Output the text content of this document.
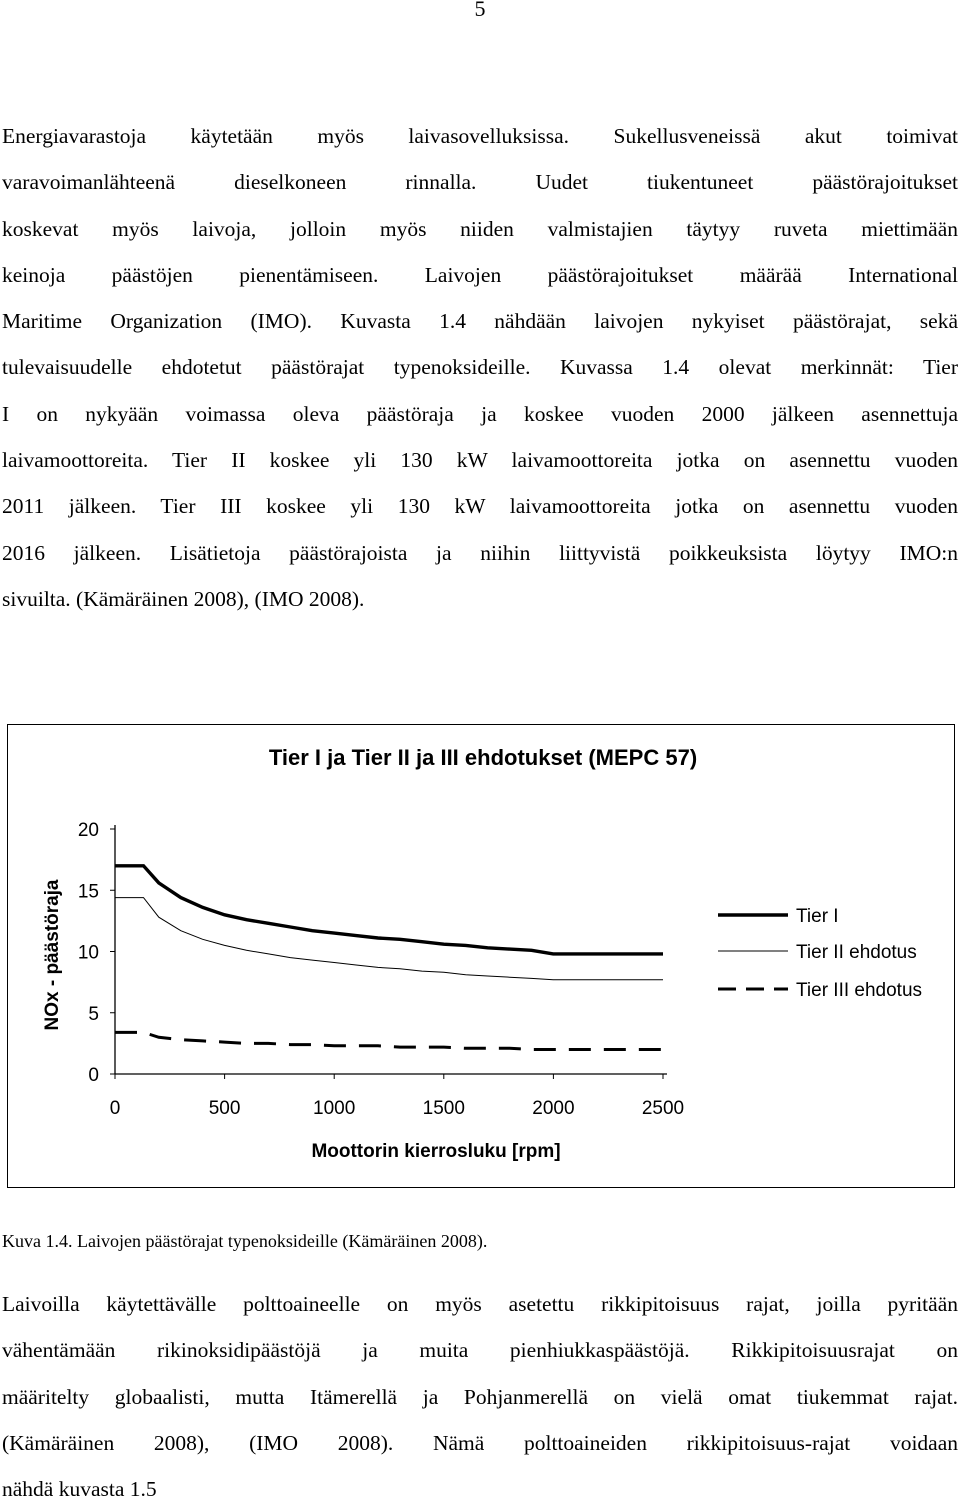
5
Energiavarastoja käytetään myös laivasovelluksissa. Sukellusveneissä akut toimivat
varavoimanlähteenä dieselkoneen rinnalla. Uudet tiukentuneet päästörajoitukset
koskevat myös laivoja, jolloin myös niiden valmistajien täytyy ruveta miettimään
keinoja päästöjen pienentämiseen. Laivojen päästörajoitukset määrää International
Maritime Organization (IMO). Kuvasta 1.4 nähdään laivojen nykyiset päästörajat, sekä
tulevaisuudelle ehdotetut päästörajat typenoksideille. Kuvassa 1.4 olevat merkinnät: Tier
I on nykyään voimassa oleva päästöraja ja koskee vuoden 2000 jälkeen asennettuja
laivamoottoreita. Tier II koskee yli 130 kW laivamoottoreita jotka on asennettu vuoden
2011 jälkeen. Tier III koskee yli 130 kW laivamoottoreita jotka on asennettu vuoden
2016 jälkeen. Lisätietoja päästörajoista ja niihin liittyvistä poikkeuksista löytyy IMO:n
sivuilta. (Kämäräinen 2008), (IMO 2008).
Tier I ja Tier II ja III ehdotukset (MEPC 57)
0	500	1000	1500	2000	2500
0
5
10
15
20
Tier I
Tier II ehdotus
Tier III ehdotus
Moottorin kierrosluku [rpm]
NOx - päästöraja
Kuva 1.4. Laivojen päästörajat typenoksideille (Kämäräinen 2008).
Laivoilla käytettävälle polttoaineelle on myös asetettu rikkipitoisuus rajat, joilla pyritään
vähentämään rikinoksidipäästöjä ja muita pienhiukkaspäästöjä. Rikkipitoisuusrajat on
määritelty globaalisti, mutta Itämerellä ja Pohjanmerellä on vielä omat tiukemmat rajat.
(Kämäräinen 2008), (IMO 2008). Nämä polttoaineiden rikkipitoisuus-rajat voidaan
nähdä kuvasta 1.5
